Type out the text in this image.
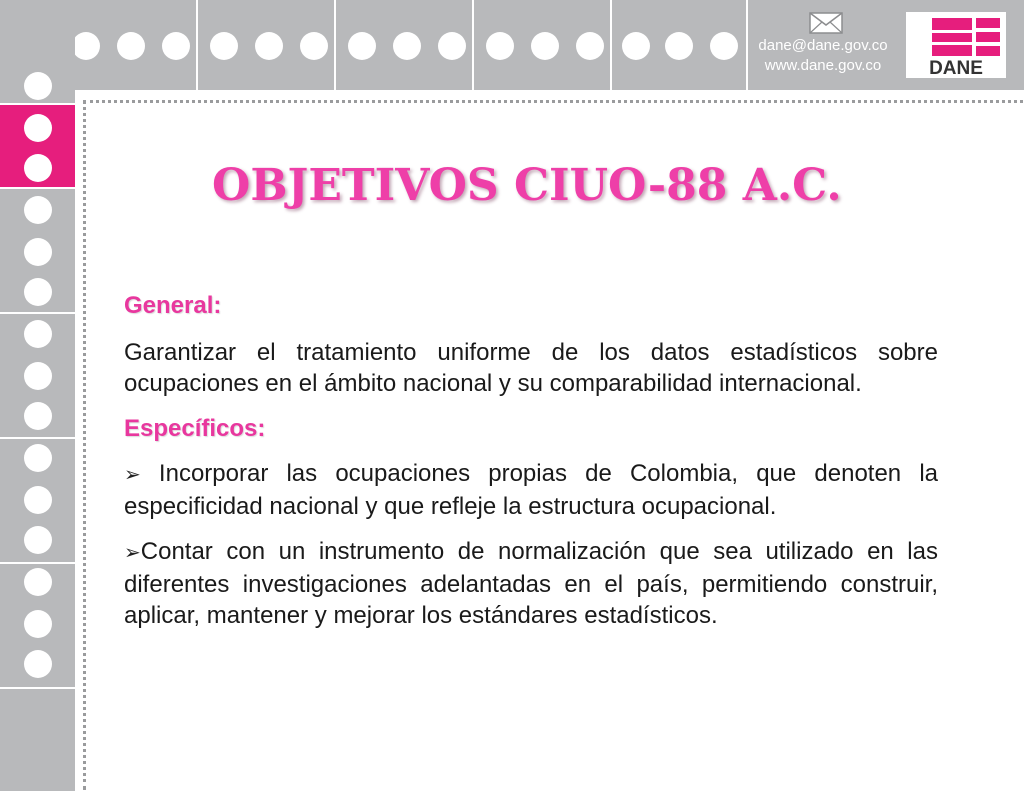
dane@dane.gov.co
www.dane.gov.co	DANE
OBJETIVOS CIUO-88 A.C.

General:

Garantizar el tratamiento uniforme de los datos estadísticos sobre ocupaciones en el ámbito nacional y su comparabilidad internacional.

Específicos:

➢ Incorporar las ocupaciones propias de Colombia, que denoten la especificidad nacional y que refleje la estructura ocupacional.

➢Contar con un instrumento de normalización que sea utilizado en las diferentes investigaciones adelantadas en el país, permitiendo construir, aplicar, mantener y mejorar los estándares estadísticos.
